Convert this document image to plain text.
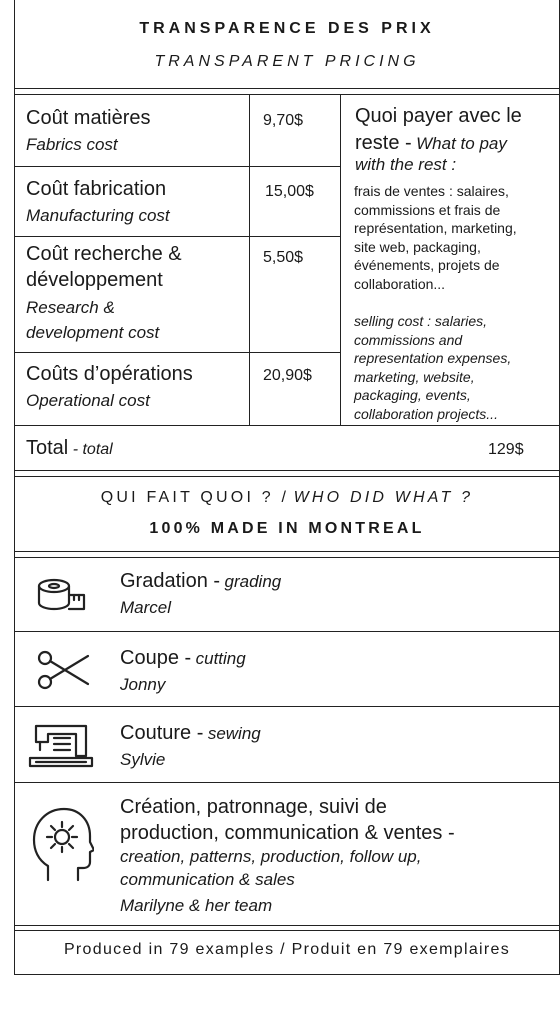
TRANSPARENCE DES PRIX
TRANSPARENT PRICING
Coût matières
Fabrics cost
9,70$
Coût fabrication
Manufacturing cost
15,00$
Coût recherche &
développement
Research &
development cost
5,50$
Coûts d’opérations
Operational cost
20,90$
Quoi payer avec le
reste - What to pay
with the rest :
frais de ventes : salaires,
commissions et frais de
représentation, marketing,
site web, packaging,
événements, projets de
collaboration...
selling cost : salaries,
commissions and
representation expenses,
marketing, website,
packaging, events,
collaboration projects...
Total - total	129$
QUI FAIT QUOI ? / WHO DID WHAT ?
100% MADE IN MONTREAL
Gradation - grading
Marcel
Coupe - cutting
Jonny
Couture - sewing
Sylvie
Création, patronnage, suivi de
production, communication & ventes -
creation, patterns, production, follow up,
communication & sales
Marilyne & her team
Produced in 79 examples / Produit en 79 exemplaires
